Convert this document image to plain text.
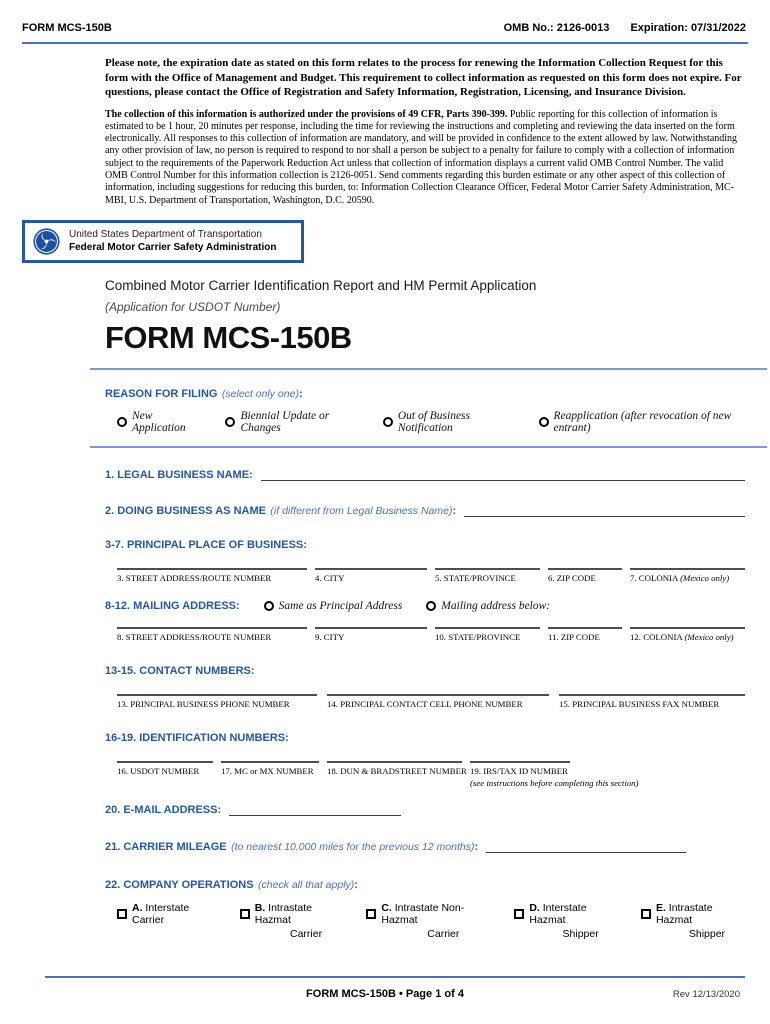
FORM MCS-150B	OMB No.: 2126-0013 Expiration: 07/31/2022
Please note, the expiration date as stated on this form relates to the process for renewing the Information Collection Request for this form with the Office of Management and Budget. This requirement to collect information as requested on this form does not expire. For questions, please contact the Office of Registration and Safety Information, Registration, Licensing, and Insurance Division.
The collection of this information is authorized under the provisions of 49 CFR, Parts 390-399. Public reporting for this collection of information is estimated to be 1 hour, 20 minutes per response, including the time for reviewing the instructions and completing and reviewing the data inserted on the form electronically. All responses to this collection of information are mandatory, and will be provided in confidence to the extent allowed by law. Notwithstanding any other provision of law, no person is required to respond to nor shall a person be subject to a penalty for failure to comply with a collection of information subject to the requirements of the Paperwork Reduction Act unless that collection of information displays a current valid OMB Control Number. The valid OMB Control Number for this information collection is 2126-0051. Send comments regarding this burden estimate or any other aspect of this collection of information, including suggestions for reducing this burden, to: Information Collection Clearance Officer, Federal Motor Carrier Safety Administration, MC-MBI, U.S. Department of Transportation, Washington, D.C. 20590.
United States Department of Transportation
Federal Motor Carrier Safety Administration
Combined Motor Carrier Identification Report and HM Permit Application
(Application for USDOT Number)
FORM MCS-150B
REASON FOR FILING (select only one):
New Application
Biennial Update or Changes
Out of Business Notification
Reapplication (after revocation of new entrant)
1. LEGAL BUSINESS NAME:
2. DOING BUSINESS AS NAME
(if different from Legal Business Name) :
3-7. PRINCIPAL PLACE OF BUSINESS:
3. STREET ADDRESS/ROUTE NUMBER	4. CITY	5. STATE/PROVINCE	6. ZIP CODE	7. COLONIA (Mexico only)
8-12. MAILING ADDRESS:	Same as Principal Address	Mailing address below:
8. STREET ADDRESS/ROUTE NUMBER	9. CITY	10. STATE/PROVINCE	11. ZIP CODE	12. COLONIA (Mexico only)
13-15. CONTACT NUMBERS:
13. PRINCIPAL BUSINESS PHONE NUMBER	14. PRINCIPAL CONTACT CELL PHONE NUMBER	15. PRINCIPAL BUSINESS FAX NUMBER
16-19. IDENTIFICATION NUMBERS:
16. USDOT NUMBER	17. MC or MX NUMBER	18. DUN & BRADSTREET NUMBER 19. IRS/TAX ID NUMBER
(see instructions before completing this section)
20. E-MAIL ADDRESS:
21. CARRIER MILEAGE
(to nearest 10,000 miles for the previous 12 months) :
22. COMPANY OPERATIONS (check all that apply):
A. Interstate Carrier
B. Intrastate Hazmat
Carrier
C. Intrastate Non-Hazmat
Carrier
D. Interstate Hazmat
Shipper
E. Intrastate Hazmat
Shipper
FORM MCS-150B • Page 1 of 4	Rev 12/13/2020
